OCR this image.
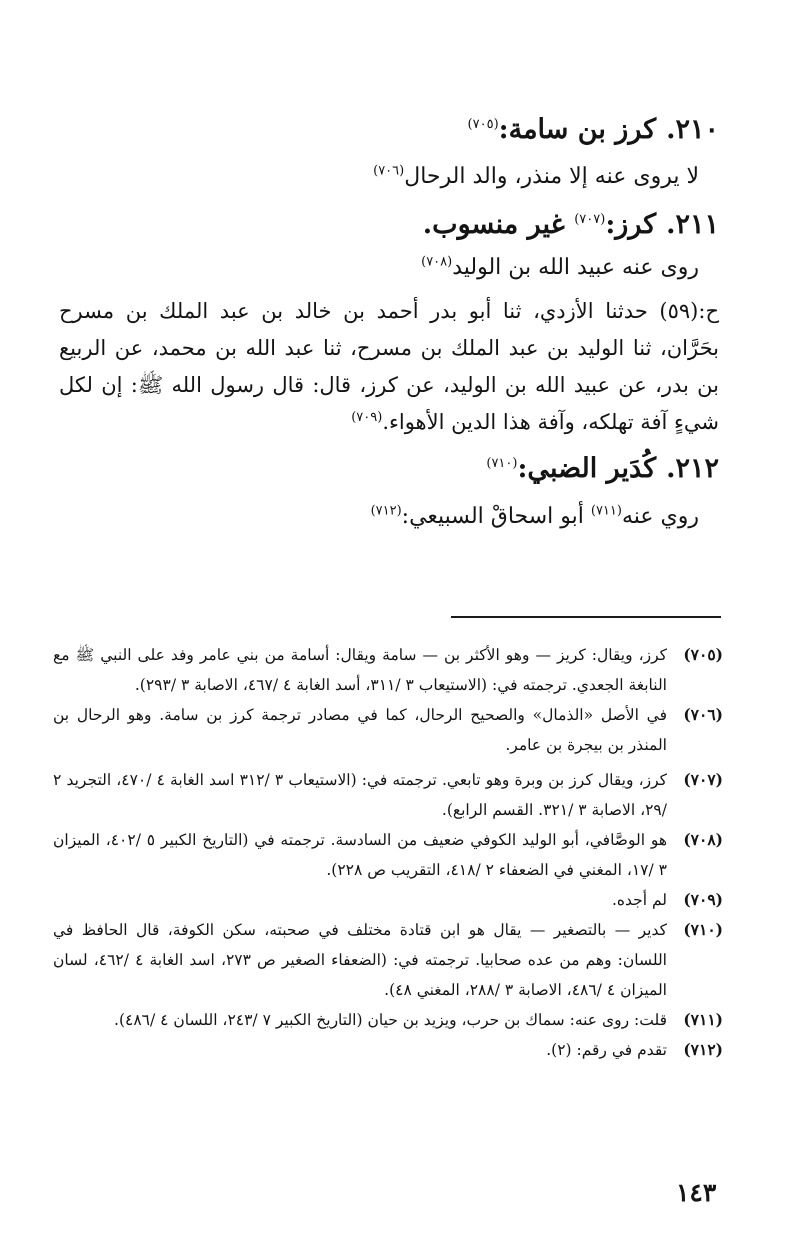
٢١٠.كرز بن سامة:$^{(٧٠٥)}$
لا يروى عنه إلا منذر، والد الرحال$^{(٧٠٦)}$
٢١١.كرز:$^{(٧٠٧)}$ غير منسوب.
روى عنه عبيد الله بن الوليد$^{(٧٠٨)}$
ح:(٥٩) حدثنا الأزدي، ثنا أبو بدر أحمد بن خالد بن عبد الملك بن مسرح بحَرَّان، ثنا الوليد بن عبد الملك بن مسرح، ثنا عبد الله بن محمد، عن الربيع بن بدر، عن عبيد الله بن الوليد، عن كرز، قال: قال رسول الله ﷺ: إن لكل شيءٍ آفة تهلكه، وآفة هذا الدين الأهواء.$^{(٧٠٩)}$
٢١٢.كُدَير الضبي:$^{(٧١٠)}$
روي عنه$^{(٧١١)}$ أبو اسحاقْ السبيعي:$^{(٧١٢)}$
(٧٠٥)
كرز، ويقال: كريز — وهو الأكثر بن — سامة ويقال: أسامة من بني عامر وفد على النبي ﷺ مع النابغة الجعدي. ترجمته في: (الاستيعاب ٣ /٣١١، أسد الغابة ٤ /٤٦٧، الاصابة ٣ /٢٩٣).
(٧٠٦)
في الأصل «الذمال» والصحيح الرحال، كما في مصادر ترجمة كرز بن سامة. وهو الرحال بن المنذر بن بيجرة بن عامر.
(٧٠٧)
كرز، ويقال كرز بن وبرة وهو تابعي. ترجمته في: (الاستيعاب ٣ /٣١٢ اسد الغابة ٤ /٤٧٠، التجريد ٢ /٢٩، الاصابة ٣ /٣٢١. القسم الرابع).
(٧٠٨)
هو الوصَّافي، أبو الوليد الكوفي ضعيف من السادسة. ترجمته في (التاريخ الكبير ٥ /٤٠٢، الميزان ٣ /١٧، المغني في الضعفاء ٢ /٤١٨، التقريب ص ٢٢٨).
(٧٠٩)
لم أجده.
(٧١٠)
كدير — بالتصغير — يقال هو ابن قتادة مختلف في صحبته، سكن الكوفة، قال الحافظ في اللسان: وهم من عده صحابيا. ترجمته في: (الضعفاء الصغير ص ٢٧٣، اسد الغابة ٤ /٤٦٢، لسان الميزان ٤ /٤٨٦، الاصابة ٣ /٢٨٨، المغني ٤٨).
(٧١١)
قلت: روى عنه: سماك بن حرب، ويزيد بن حيان (التاريخ الكبير ٧ /٢٤٣، اللسان ٤ /٤٨٦).
(٧١٢)
تقدم في رقم: (٢).
١٤٣
